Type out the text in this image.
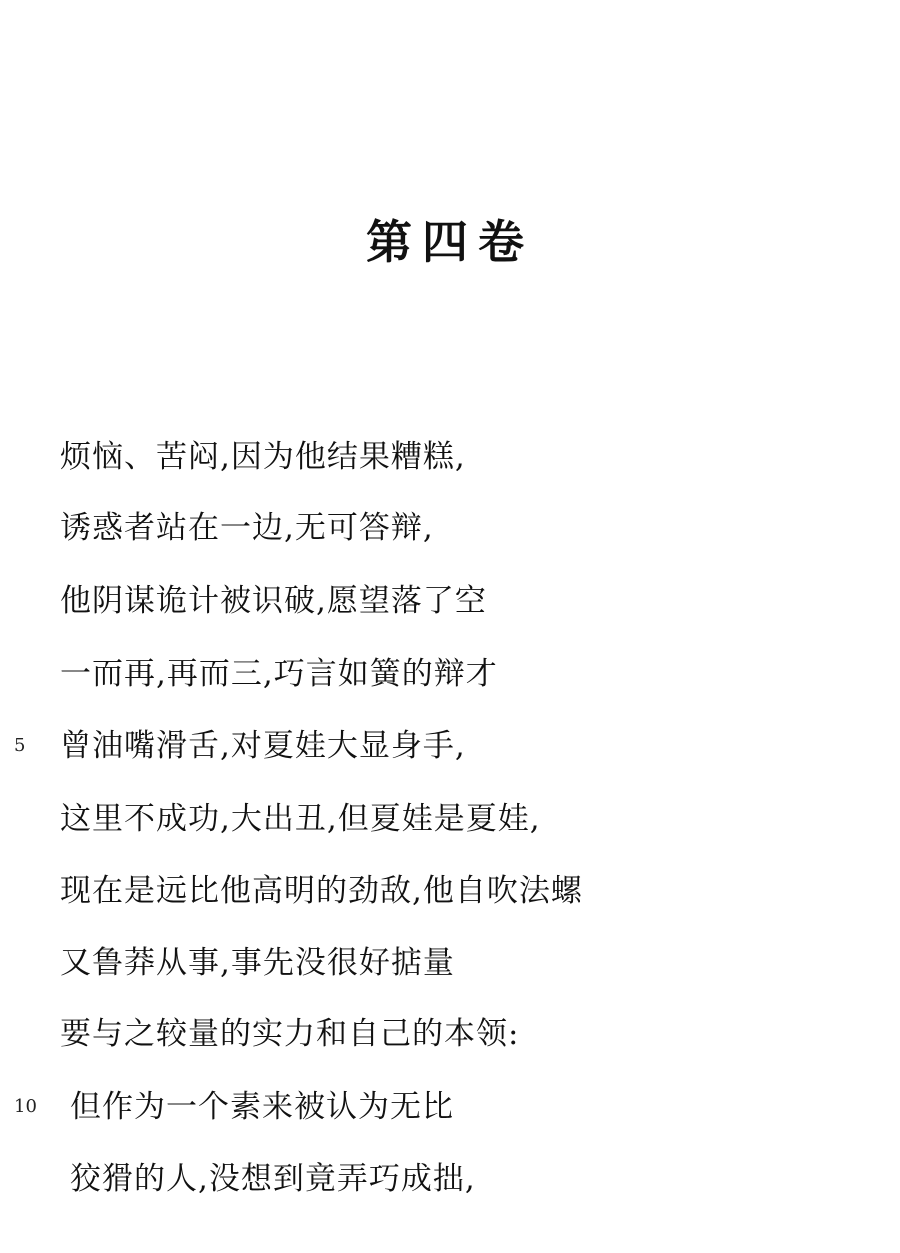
第四卷
烦恼、苦闷,因为他结果糟糕,
诱惑者站在一边,无可答辩,
他阴谋诡计被识破,愿望落了空
一而再,再而三,巧言如簧的辩才
5 曾油嘴滑舌,对夏娃大显身手,
这里不成功,大出丑,但夏娃是夏娃,
现在是远比他高明的劲敌,他自吹法螺
又鲁莽从事,事先没很好掂量
要与之较量的实力和自己的本领:
10 但作为一个素来被认为无比
狡猾的人,没想到竟弄巧成拙,
